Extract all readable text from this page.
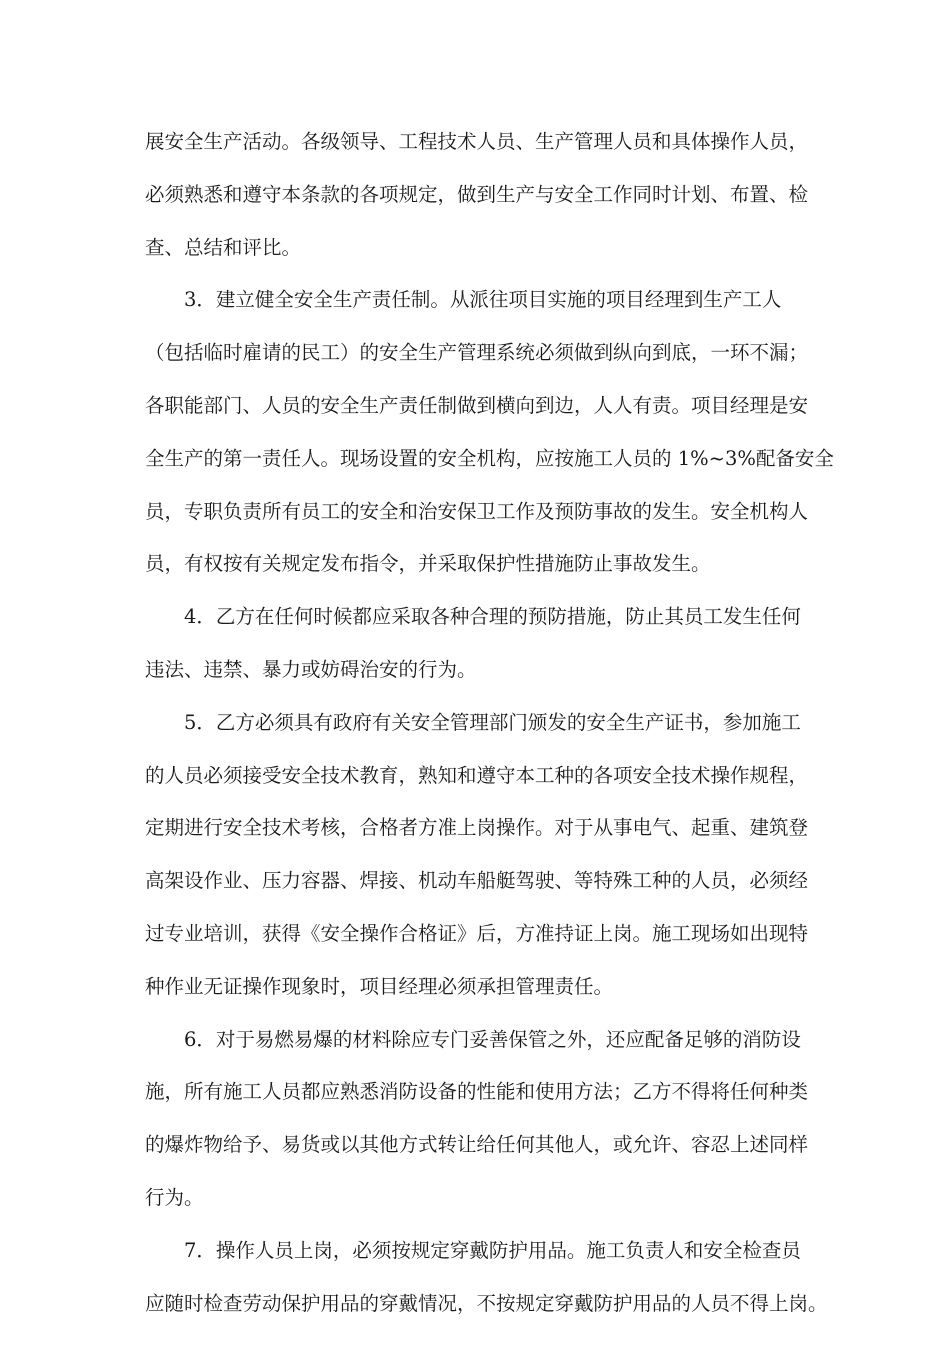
展安全生产活动。各级领导、工程技术人员、生产管理人员和具体操作人员，
必须熟悉和遵守本条款的各项规定，做到生产与安全工作同时计划、布置、检
查、总结和评比。
3．建立健全安全生产责任制。从派往项目实施的项目经理到生产工人
（包括临时雇请的民工）的安全生产管理系统必须做到纵向到底，一环不漏；
各职能部门、人员的安全生产责任制做到横向到边，人人有责。项目经理是安
全生产的第一责任人。现场设置的安全机构，应按施工人员的 1%~3%配备安全
员，专职负责所有员工的安全和治安保卫工作及预防事故的发生。安全机构人
员，有权按有关规定发布指令，并采取保护性措施防止事故发生。
4．乙方在任何时候都应采取各种合理的预防措施，防止其员工发生任何
违法、违禁、暴力或妨碍治安的行为。
5．乙方必须具有政府有关安全管理部门颁发的安全生产证书，参加施工
的人员必须接受安全技术教育，熟知和遵守本工种的各项安全技术操作规程，
定期进行安全技术考核，合格者方准上岗操作。对于从事电气、起重、建筑登
高架设作业、压力容器、焊接、机动车船艇驾驶、等特殊工种的人员，必须经
过专业培训，获得《安全操作合格证》后，方准持证上岗。施工现场如出现特
种作业无证操作现象时，项目经理必须承担管理责任。
6．对于易燃易爆的材料除应专门妥善保管之外，还应配备足够的消防设
施，所有施工人员都应熟悉消防设备的性能和使用方法；乙方不得将任何种类
的爆炸物给予、易货或以其他方式转让给任何其他人，或允许、容忍上述同样
行为。
7．操作人员上岗，必须按规定穿戴防护用品。施工负责人和安全检查员
应随时检查劳动保护用品的穿戴情况，不按规定穿戴防护用品的人员不得上岗。
